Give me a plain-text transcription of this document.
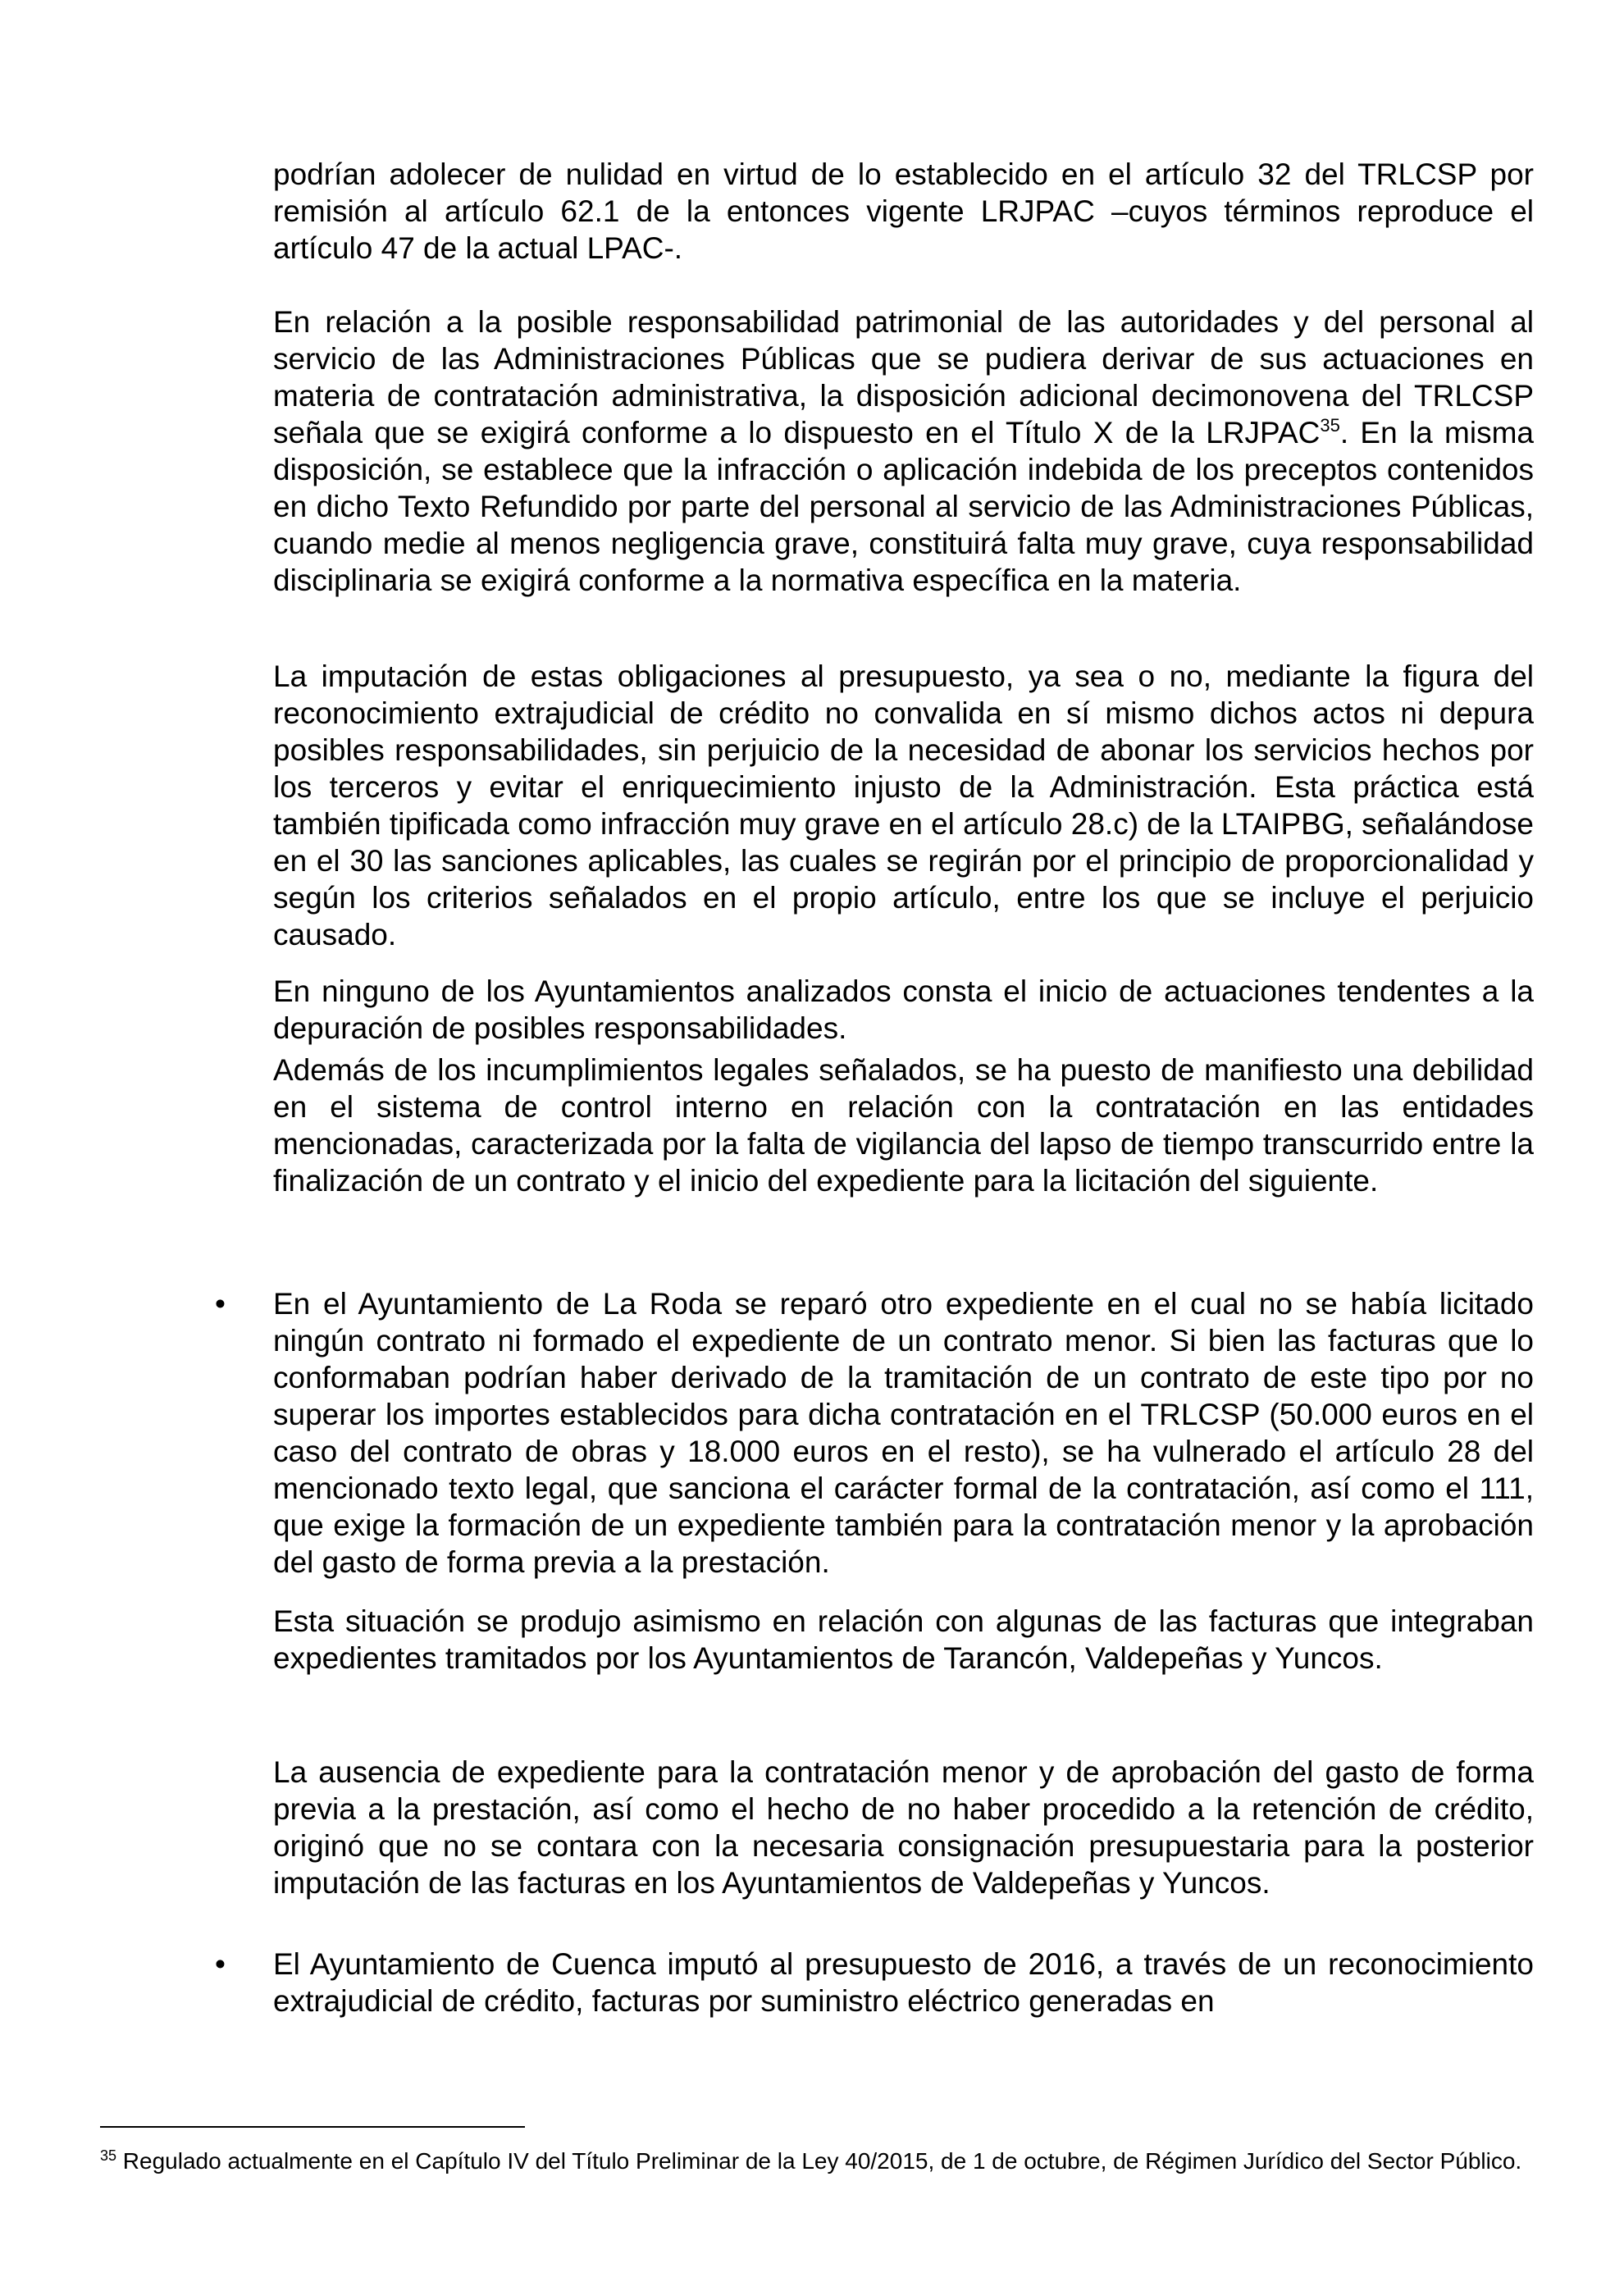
podrían adolecer de nulidad en virtud de lo establecido en el artículo 32 del TRLCSP por remisión al artículo 62.1 de la entonces vigente LRJPAC –cuyos términos reproduce el artículo 47 de la actual LPAC-.

En relación a la posible responsabilidad patrimonial de las autoridades y del personal al servicio de las Administraciones Públicas que se pudiera derivar de sus actuaciones en materia de contratación administrativa, la disposición adicional decimonovena del TRLCSP señala que se exigirá conforme a lo dispuesto en el Título X de la LRJPAC$^{35}$. En la misma disposición, se establece que la infracción o aplicación indebida de los preceptos contenidos en dicho Texto Refundido por parte del personal al servicio de las Administraciones Públicas, cuando medie al menos negligencia grave, constituirá falta muy grave, cuya responsabilidad disciplinaria se exigirá conforme a la normativa específica en la materia.

La imputación de estas obligaciones al presupuesto, ya sea o no, mediante la figura del reconocimiento extrajudicial de crédito no convalida en sí mismo dichos actos ni depura posibles responsabilidades, sin perjuicio de la necesidad de abonar los servicios hechos por los terceros y evitar el enriquecimiento injusto de la Administración. Esta práctica está también tipificada como infracción muy grave en el artículo 28.c) de la LTAIPBG, señalándose en el 30 las sanciones aplicables, las cuales se regirán por el principio de proporcionalidad y según los criterios señalados en el propio artículo, entre los que se incluye el perjuicio causado.

En ninguno de los Ayuntamientos analizados consta el inicio de actuaciones tendentes a la depuración de posibles responsabilidades.

Además de los incumplimientos legales señalados, se ha puesto de manifiesto una debilidad en el sistema de control interno en relación con la contratación en las entidades mencionadas, caracterizada por la falta de vigilancia del lapso de tiempo transcurrido entre la finalización de un contrato y el inicio del expediente para la licitación del siguiente.

• En el Ayuntamiento de La Roda se reparó otro expediente en el cual no se había licitado ningún contrato ni formado el expediente de un contrato menor. Si bien las facturas que lo conformaban podrían haber derivado de la tramitación de un contrato de este tipo por no superar los importes establecidos para dicha contratación en el TRLCSP (50.000 euros en el caso del contrato de obras y 18.000 euros en el resto), se ha vulnerado el artículo 28 del mencionado texto legal, que sanciona el carácter formal de la contratación, así como el 111, que exige la formación de un expediente también para la contratación menor y la aprobación del gasto de forma previa a la prestación.

Esta situación se produjo asimismo en relación con algunas de las facturas que integraban expedientes tramitados por los Ayuntamientos de Tarancón, Valdepeñas y Yuncos.

La ausencia de expediente para la contratación menor y de aprobación del gasto de forma previa a la prestación, así como el hecho de no haber procedido a la retención de crédito, originó que no se contara con la necesaria consignación presupuestaria para la posterior imputación de las facturas en los Ayuntamientos de Valdepeñas y Yuncos.

• El Ayuntamiento de Cuenca imputó al presupuesto de 2016, a través de un reconocimiento extrajudicial de crédito, facturas por suministro eléctrico generadas en

$^{35}$ Regulado actualmente en el Capítulo IV del Título Preliminar de la Ley 40/2015, de 1 de octubre, de Régimen Jurídico del Sector Público.
